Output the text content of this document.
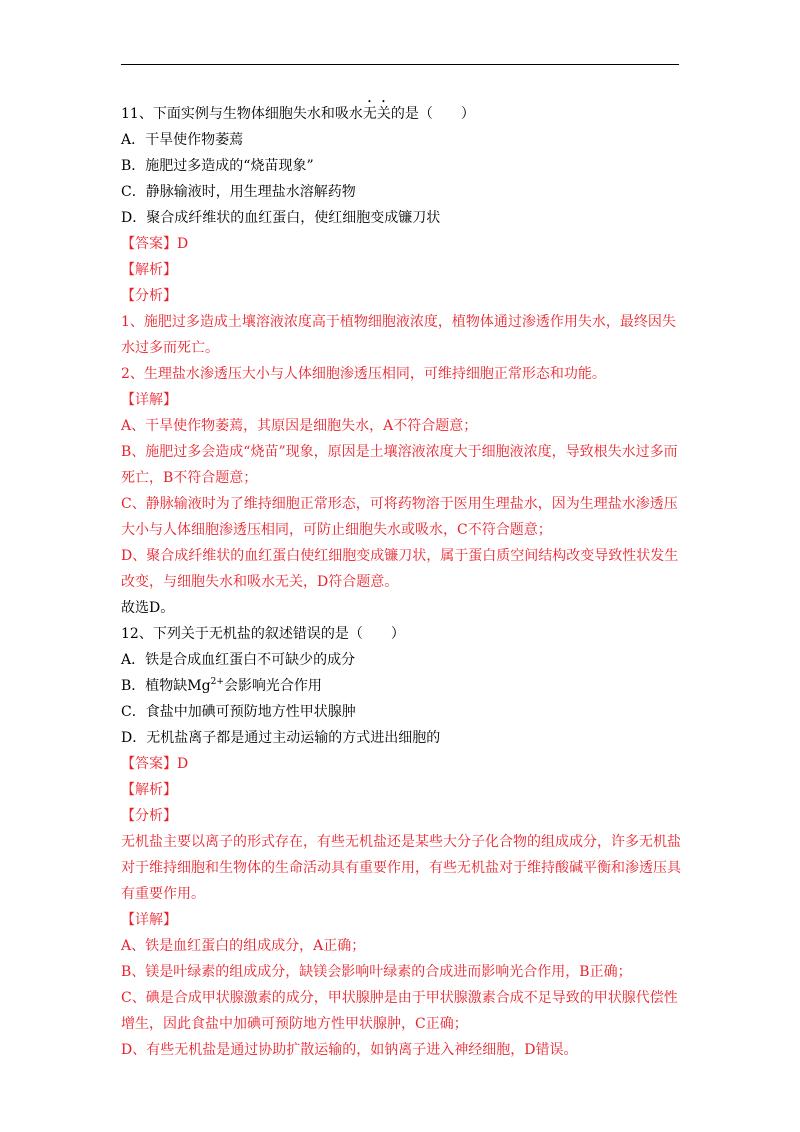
11、下面实例与生物体细胞失水和吸水无关的是（　　）
A．干旱使作物萎蔫
B．施肥过多造成的“烧苗现象”
C．静脉输液时，用生理盐水溶解药物
D．聚合成纤维状的血红蛋白，使红细胞变成镰刀状
【答案】D
【解析】
【分析】
1、施肥过多造成土壤溶液浓度高于植物细胞液浓度，植物体通过渗透作用失水，最终因失水过多而死亡。
2、生理盐水渗透压大小与人体细胞渗透压相同，可维持细胞正常形态和功能。
【详解】
A、干旱使作物萎蔫，其原因是细胞失水，A不符合题意；
B、施肥过多会造成“烧苗”现象，原因是土壤溶液浓度大于细胞液浓度，导致根失水过多而死亡，B不符合题意；
C、静脉输液时为了维持细胞正常形态，可将药物溶于医用生理盐水，因为生理盐水渗透压大小与人体细胞渗透压相同，可防止细胞失水或吸水，C不符合题意；
D、聚合成纤维状的血红蛋白使红细胞变成镰刀状，属于蛋白质空间结构改变导致性状发生改变，与细胞失水和吸水无关，D符合题意。
故选D。
12、下列关于无机盐的叙述错误的是（　　）
A．铁是合成血红蛋白不可缺少的成分
B．植物缺$Mg^{2+}$会影响光合作用
C．食盐中加碘可预防地方性甲状腺肿
D．无机盐离子都是通过主动运输的方式进出细胞的
【答案】D
【解析】
【分析】
无机盐主要以离子的形式存在，有些无机盐还是某些大分子化合物的组成成分，许多无机盐对于维持细胞和生物体的生命活动具有重要作用，有些无机盐对于维持酸碱平衡和渗透压具有重要作用。
【详解】
A、铁是血红蛋白的组成成分，A正确；
B、镁是叶绿素的组成成分，缺镁会影响叶绿素的合成进而影响光合作用，B正确；
C、碘是合成甲状腺激素的成分，甲状腺肿是由于甲状腺激素合成不足导致的甲状腺代偿性增生，因此食盐中加碘可预防地方性甲状腺肿，C正确；
D、有些无机盐是通过协助扩散运输的，如钠离子进入神经细胞，D错误。
